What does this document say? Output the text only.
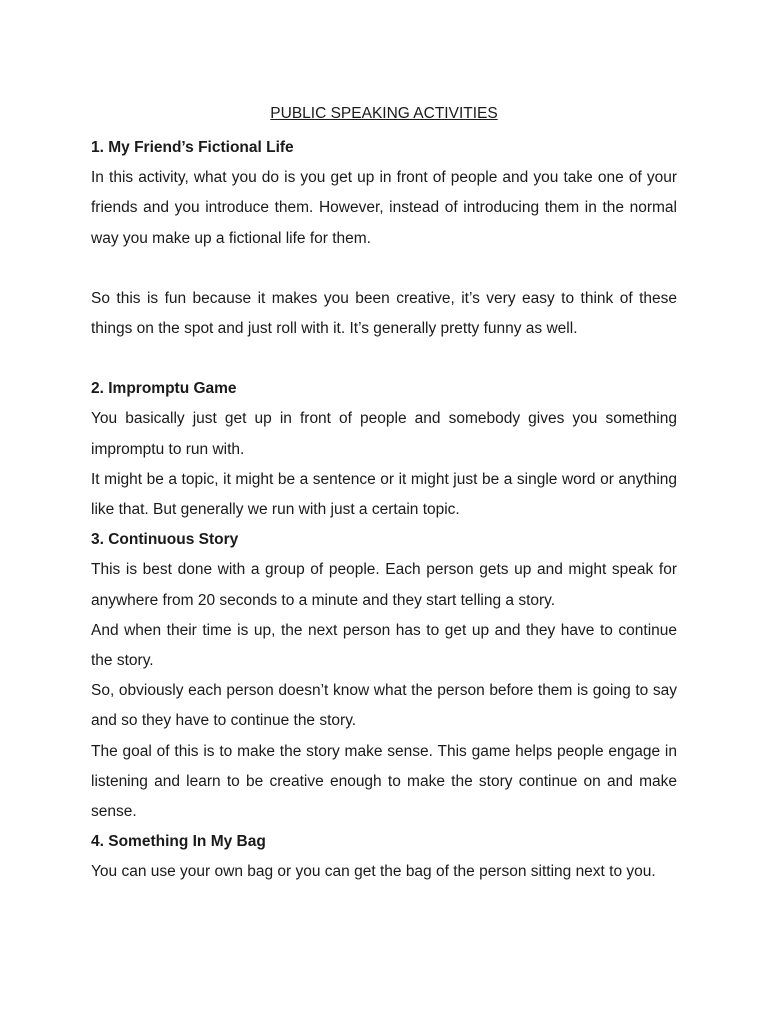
PUBLIC SPEAKING ACTIVITIES

1. My Friend’s Fictional Life

In this activity, what you do is you get up in front of people and you take one of your friends and you introduce them. However, instead of introducing them in the normal way you make up a fictional life for them.

So this is fun because it makes you been creative, it’s very easy to think of these things on the spot and just roll with it. It’s generally pretty funny as well.

2. Impromptu Game

You basically just get up in front of people and somebody gives you something impromptu to run with.

It might be a topic, it might be a sentence or it might just be a single word or anything like that. But generally we run with just a certain topic.

3. Continuous Story

This is best done with a group of people. Each person gets up and might speak for anywhere from 20 seconds to a minute and they start telling a story.

And when their time is up, the next person has to get up and they have to continue the story.

So, obviously each person doesn’t know what the person before them is going to say and so they have to continue the story.

The goal of this is to make the story make sense. This game helps people engage in listening and learn to be creative enough to make the story continue on and make sense.

4. Something In My Bag

You can use your own bag or you can get the bag of the person sitting next to you.
